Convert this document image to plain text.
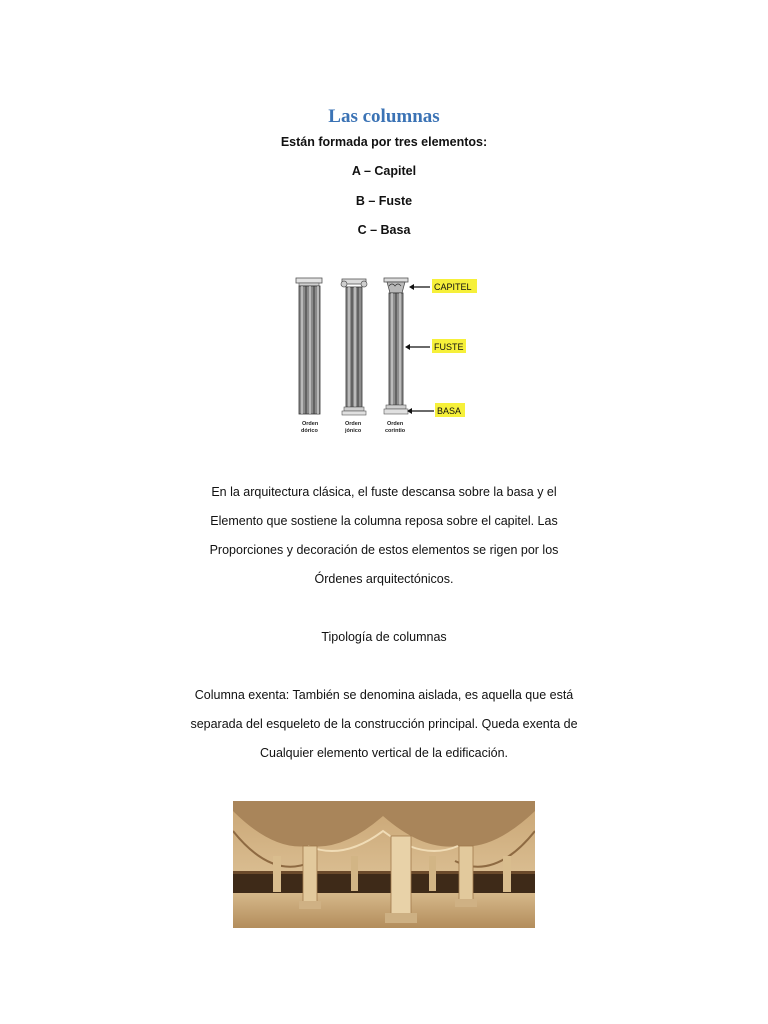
Las columnas
Están formada por tres elementos:
A – Capitel
B – Fuste
C – Basa
CAPITEL
FUSTE
BASA
Orden
dórico
Orden
jónico
Orden
corintio
En la arquitectura clásica, el fuste descansa sobre la basa y el
Elemento que sostiene la columna reposa sobre el capitel. Las
Proporciones y decoración de estos elementos se rigen por los
Órdenes arquitectónicos.
Tipología de columnas
Columna exenta: También se denomina aislada, es aquella que está
separada del esqueleto de la construcción principal. Queda exenta de
Cualquier elemento vertical de la edificación.
